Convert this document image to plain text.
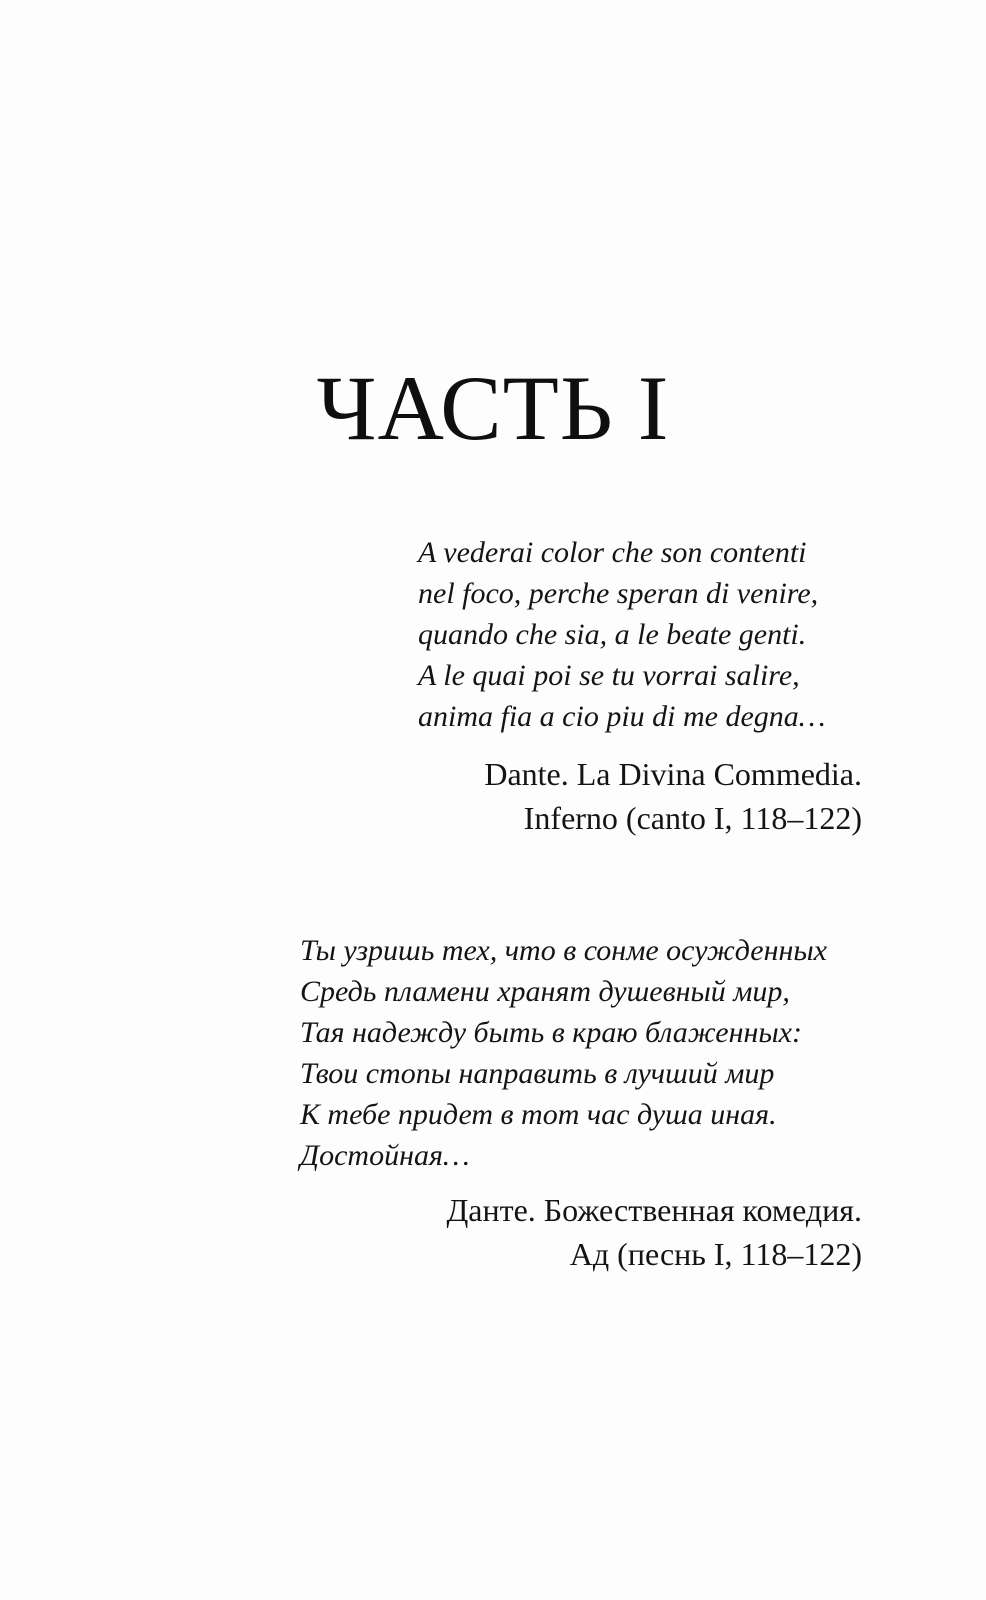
ЧАСТЬ I
A vederai color che son contenti
nel foco, perche speran di venire,
quando che sia, a le beate genti.
A le quai poi se tu vorrai salire,
anima fia a cio piu di me degna…
Dante. La Divina Commedia.
Inferno (canto I, 118–122)
Ты узришь тех, что в сонме осужденных
Средь пламени хранят душевный мир,
Тая надежду быть в краю блаженных:
Твои стопы направить в лучший мир
К тебе придет в тот час душа иная.
Достойная…
Данте. Божественная комедия.
Ад (песнь I, 118–122)
